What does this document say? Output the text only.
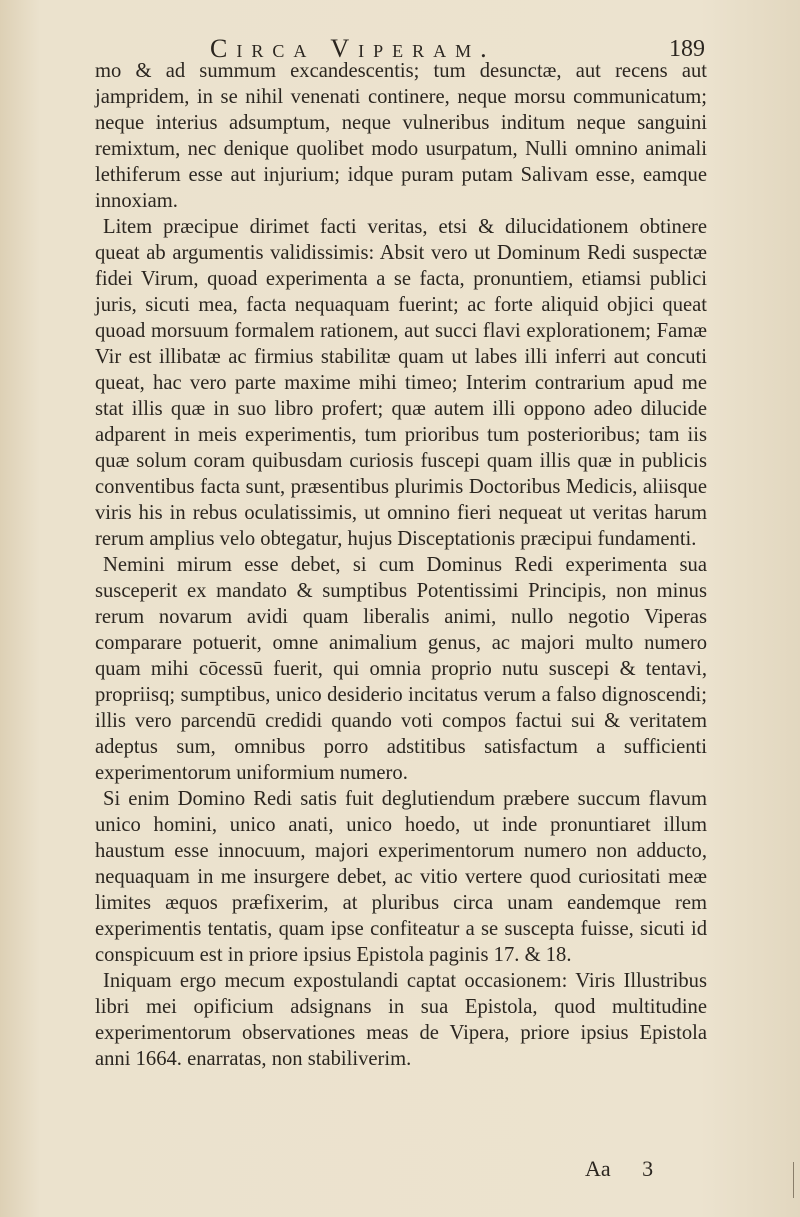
Circa Viperam.	189

mo & ad summum excandescentis; tum desunctæ, aut recens aut jampridem, in se nihil venenati continere, neque morsu communicatum; neque interius adsumptum, neque vulneribus inditum neque sanguini remixtum, nec denique quolibet modo usurpatum, Nulli omnino animali lethiferum esse aut injurium; idque puram putam Salivam esse, eamque innoxiam.

Litem præcipue dirimet facti veritas, etsi & dilucidationem obtinere queat ab argumentis validissimis: Absit vero ut Dominum Redi suspectæ fidei Virum, quoad experimenta a se facta, pronuntiem, etiamsi publici juris, sicuti mea, facta nequaquam fuerint; ac forte aliquid objici queat quoad morsuum formalem rationem, aut succi flavi explorationem; Famæ Vir est illibatæ ac firmius stabilitæ quam ut labes illi inferri aut concuti queat, hac vero parte maxime mihi timeo; Interim contrarium apud me stat illis quæ in suo libro profert; quæ autem illi oppono adeo dilucide adparent in meis experimentis, tum prioribus tum posterioribus; tam iis quæ solum coram quibusdam curiosis fuscepi quam illis quæ in publicis conventibus facta sunt, præsentibus plurimis Doctoribus Medicis, aliisque viris his in rebus oculatissimis, ut omnino fieri nequeat ut veritas harum rerum amplius velo obtegatur, hujus Disceptationis præcipui fundamenti.

Nemini mirum esse debet, si cum Dominus Redi experimenta sua susceperit ex mandato & sumptibus Potentissimi Principis, non minus rerum novarum avidi quam liberalis animi, nullo negotio Viperas comparare potuerit, omne animalium genus, ac majori multo numero quam mihi cōcessū fuerit, qui omnia proprio nutu suscepi & tentavi, propriisq; sumptibus, unico desiderio incitatus verum a falso dignoscendi; illis vero parcendū credidi quando voti compos factui sui & veritatem adeptus sum, omnibus porro adstitibus satisfactum a sufficienti experimentorum uniformium numero.

Si enim Domino Redi satis fuit deglutiendum præbere succum flavum unico homini, unico anati, unico hoedo, ut inde pronuntiaret illum haustum esse innocuum, majori experimentorum numero non adducto, nequaquam in me insurgere debet, ac vitio vertere quod curiositati meæ limites æquos præfixerim, at pluribus circa unam eandemque rem experimentis tentatis, quam ipse confiteatur a se suscepta fuisse, sicuti id conspicuum est in priore ipsius Epistola paginis 17. & 18.

Iniquam ergo mecum expostulandi captat occasionem: Viris Illustribus libri mei opificium adsignans in sua Epistola, quod multitudine experimentorum observationes meas de Vipera, priore ipsius Epistola anni 1664. enarratas, non stabiliverim.

Aa 3
